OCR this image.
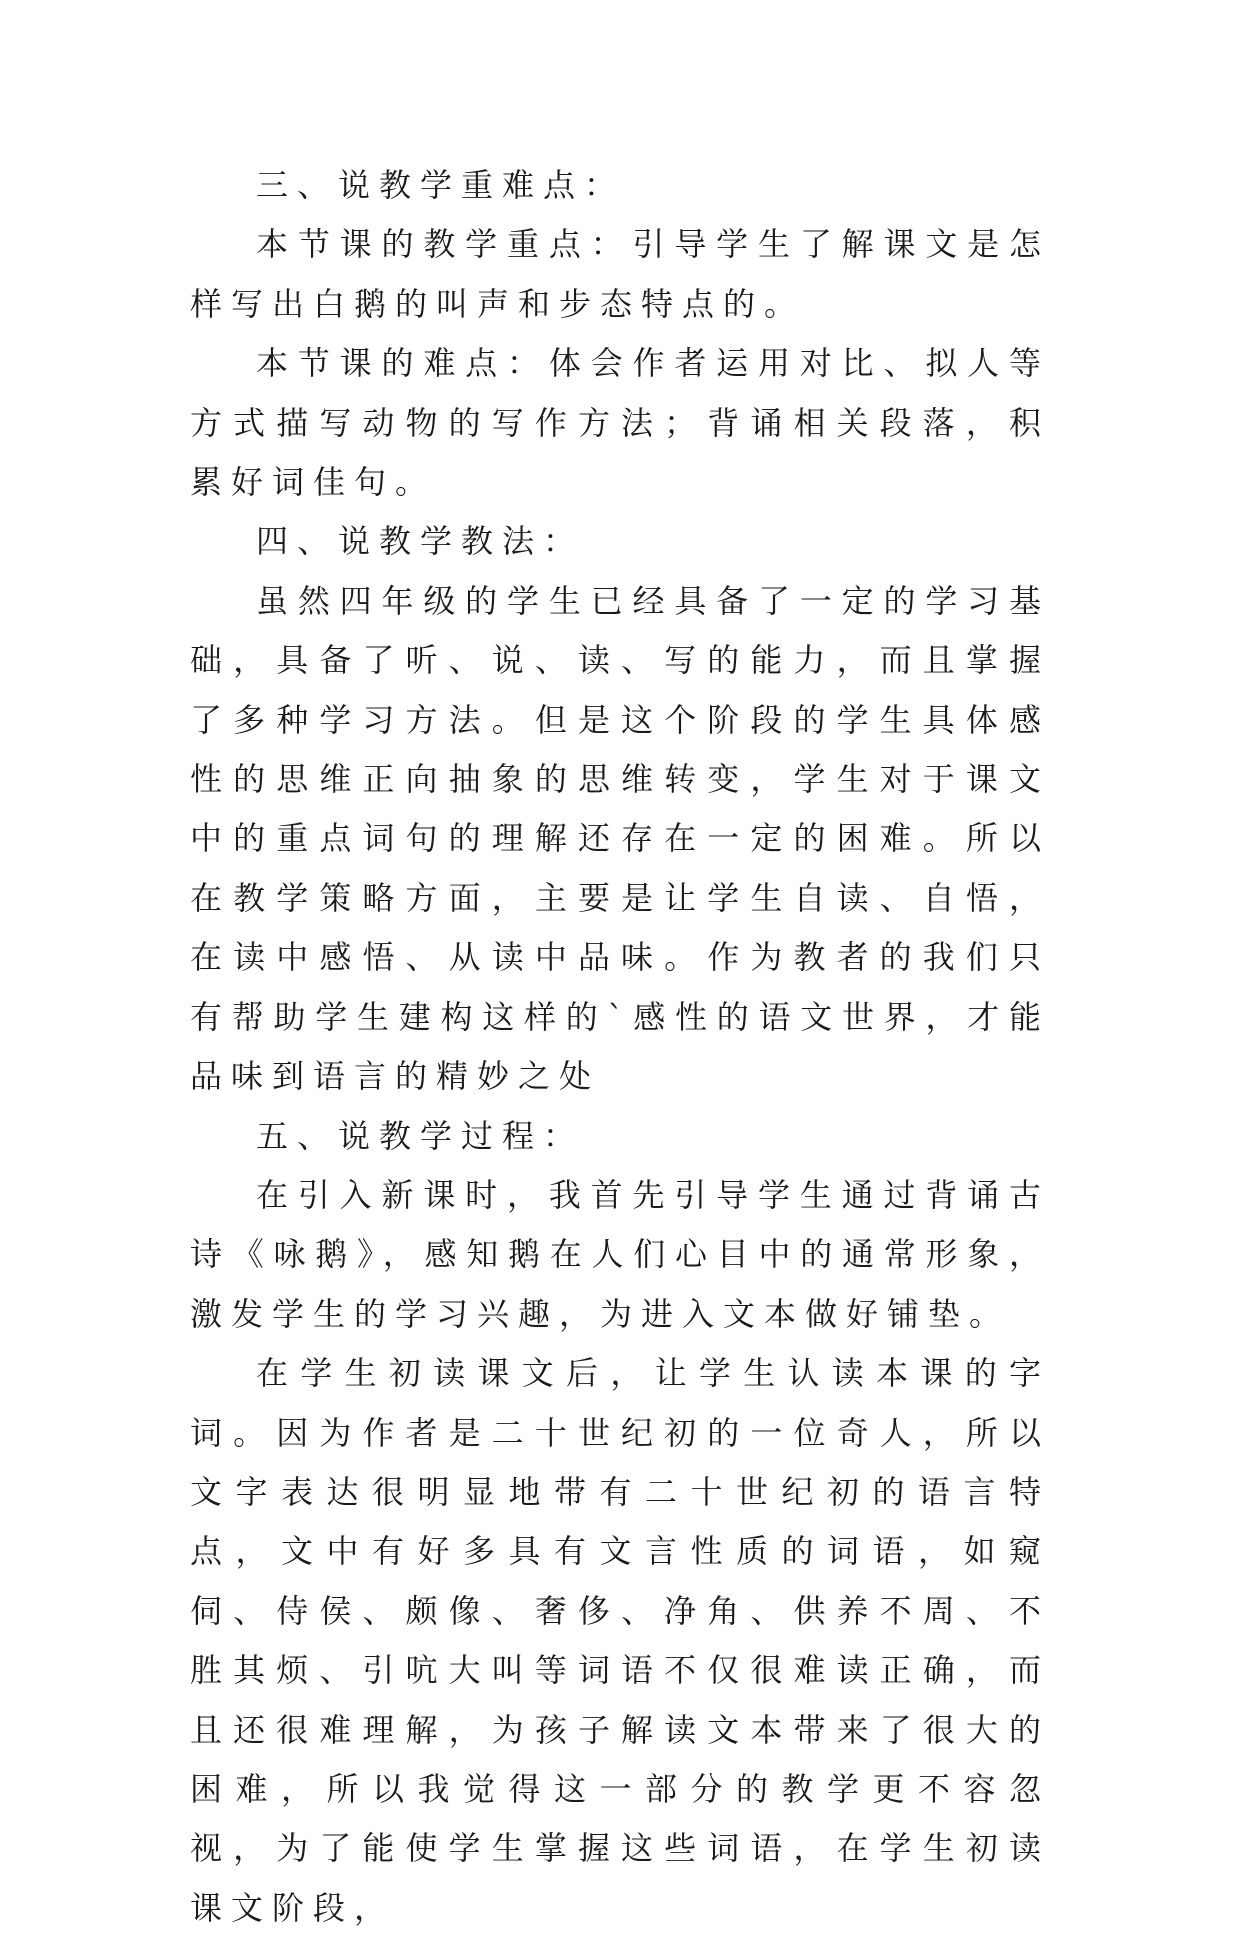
三、说教学重难点：

本节课的教学重点：引导学生了解课文是怎样写出白鹅的叫声和步态特点的。

本节课的难点：体会作者运用对比、拟人等方式描写动物的写作方法；背诵相关段落，积累好词佳句。

四、说教学教法：

虽然四年级的学生已经具备了一定的学习基础，具备了听、说、读、写的能力，而且掌握了多种学习方法。但是这个阶段的学生具体感性的思维正向抽象的思维转变，学生对于课文中的重点词句的理解还存在一定的困难。所以在教学策略方面，主要是让学生自读、自悟，在读中感悟、从读中品味。作为教者的我们只有帮助学生建构这样的`感性的语文世界，才能品味到语言的精妙之处

五、说教学过程：

在引入新课时，我首先引导学生通过背诵古诗《咏鹅》，感知鹅在人们心目中的通常形象，激发学生的学习兴趣，为进入文本做好铺垫。

在学生初读课文后，让学生认读本课的字词。因为作者是二十世纪初的一位奇人，所以文字表达很明显地带有二十世纪初的语言特点，文中有好多具有文言性质的词语，如窥伺、侍侯、颇像、奢侈、净角、供养不周、不胜其烦、引吭大叫等词语不仅很难读正确，而且还很难理解，为孩子解读文本带来了很大的困难，所以我觉得这一部分的教学更不容忽视，为了能使学生掌握这些词语，在学生初读课文阶段，
